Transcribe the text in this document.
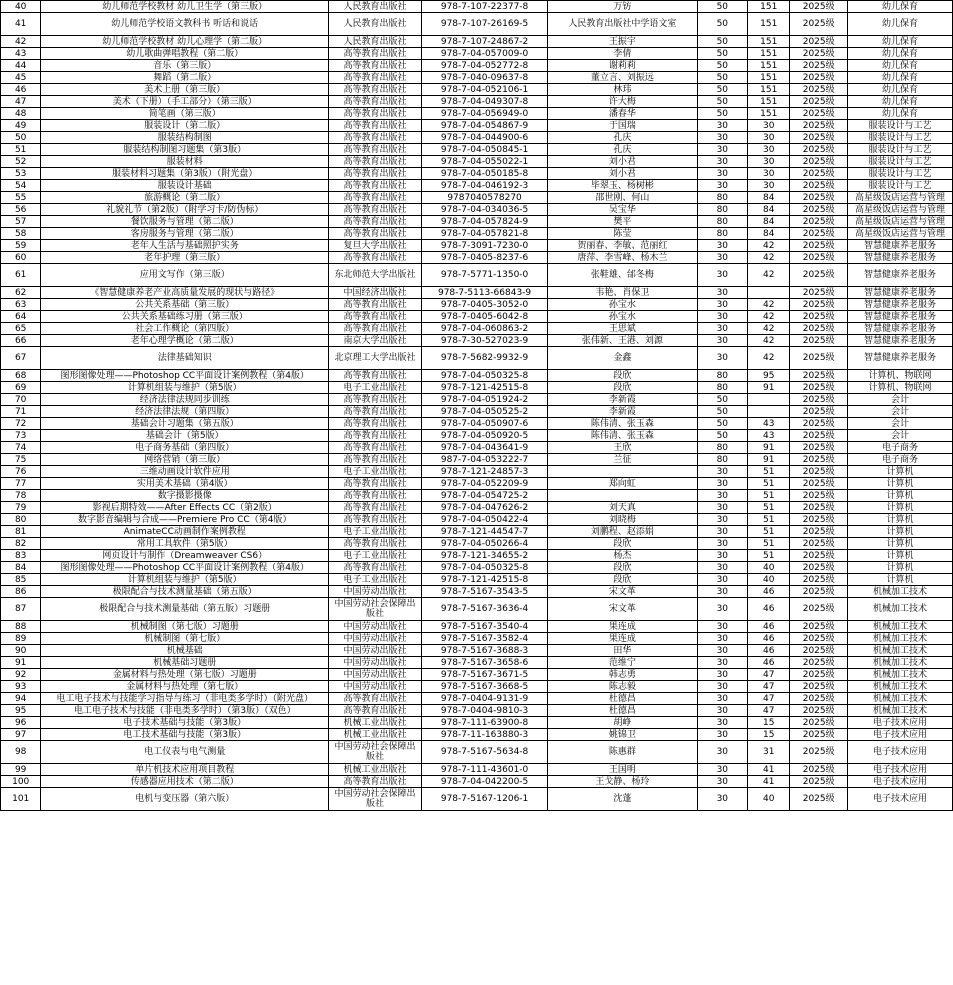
40	幼儿师范学校教材 幼儿卫生学（第三版）	人民教育出版社	978-7-107-22377-8	万钫	50	151	2025级	幼儿保育
41	幼儿师范学校语文教科书 听话和说话	人民教育出版社	978-7-107-26169-5	人民教育出版社中学语文室	50	151	2025级	幼儿保育
42	幼儿师范学校教材 幼儿心理学（第二版）	人民教育出版社	978-7-107-24867-2	王振宇	50	151	2025级	幼儿保育
43	幼儿歌曲弹唱教程（第二版）	高等教育出版社	978-7-04-057009-0	李倩	50	151	2025级	幼儿保育
44	音乐（第三版）	高等教育出版社	978-7-04-052772-8	谢莉莉	50	151	2025级	幼儿保育
45	舞蹈（第二版）	高等教育出版社	978-7-040-09637-8	董立言、刘振远	50	151	2025级	幼儿保育
46	美术上册（第三版）	高等教育出版社	978-7-04-052106-1	林玮	50	151	2025级	幼儿保育
47	美术（下册）（手工部分）（第三版）	高等教育出版社	978-7-04-049307-8	许大梅	50	151	2025级	幼儿保育
48	简笔画（第三版）	高等教育出版社	978-7-04-056949-0	潘春华	50	151	2025级	幼儿保育
49	服装设计（第二版）	高等教育出版社	978-7-04-054867-9	于国瑞	30	30	2025级	服装设计与工艺
50	服装结构制图	高等教育出版社	978-7-04-044900-6	孔庆	30	30	2025级	服装设计与工艺
51	服装结构制图习题集（第3版）	高等教育出版社	978-7-04-050845-1	孔庆	30	30	2025级	服装设计与工艺
52	服装材料	高等教育出版社	978-7-04-055022-1	刘小君	30	30	2025级	服装设计与工艺
53	服装材料习题集（第3版）（附光盘）	高等教育出版社	978-7-04-050185-8	刘小君	30	30	2025级	服装设计与工艺
54	服装设计基础	高等教育出版社	978-7-04-046192-3	毕翠玉、杨树彬	30	30	2025级	服装设计与工艺
55	旅游概论（第二版）	高等教育出版社	9787040578270	邵世刚、何山	80	84	2025级	高星级饭店运营与管理
56	礼貌礼节（第2版）（附学习卡/防伪标）	高等教育出版社	978-7-04-034036-5	吴宝华	80	84	2025级	高星级饭店运营与管理
57	餐饮服务与管理（第二版）	高等教育出版社	978-7-04-057824-9	樊平	80	84	2025级	高星级饭店运营与管理
58	客房服务与管理（第二版）	高等教育出版社	978-7-04-057821-8	陈莹	80	84	2025级	高星级饭店运营与管理
59	老年人生活与基础照护实务	复旦大学出版社	978-7-3091-7230-0	贺丽春、李敏、范丽红	30	42	2025级	智慧健康养老服务
60	老年护理（第三版）	高等教育出版社	978-7-0405-8237-6	唐萍、李雪峰、杨木兰	30	42	2025级	智慧健康养老服务
61	应用文写作（第三版）	东北师范大学出版社	978-7-5771-1350-0	张鞋雄、邰冬梅	30	42	2025级	智慧健康养老服务
62	《智慧健康养老产业高质量发展的现状与路径》	中国经济出版社	978-7-5113-66843-9	韦艳、肖保卫	30		2025级	智慧健康养老服务
63	公共关系基础（第三版）	高等教育出版社	978-7-0405-3052-0	孙宝水	30	42	2025级	智慧健康养老服务
64	公共关系基础练习册（第三版）	高等教育出版社	978-7-0405-6042-8	孙宝水	30	42	2025级	智慧健康养老服务
65	社会工作概论（第四版）	高等教育出版社	978-7-04-060863-2	王思斌	30	42	2025级	智慧健康养老服务
66	老年心理学概论（第二版）	南京大学出版社	978-7-30-527023-9	张伟新、王港、刘源	30	42	2025级	智慧健康养老服务
67	法律基础知识	北京理工大学出版社	978-7-5682-9932-9	金鑫	30	42	2025级	智慧健康养老服务
68	图形图像处理——Photoshop CC平面设计案例教程（第4版）	高等教育出版社	978-7-04-050325-8	段欣	80	95	2025级	计算机、物联网
69	计算机组装与维护（第5版）	电子工业出版社	978-7-121-42515-8	段欣	80	91	2025级	计算机、物联网
70	经济法律法规同步训练	高等教育出版社	978-7-04-051924-2	李新霞	50		2025级	会计
71	经济法律法规（第四版）	高等教育出版社	978-7-04-050525-2	李新霞	50		2025级	会计
72	基础会计习题集（第五版）	高等教育出版社	978-7-04-050907-6	陈伟清、张玉森	50	43	2025级	会计
73	基础会计（第5版）	高等教育出版社	978-7-04-050920-5	陈伟清、张玉森	50	43	2025级	会计
74	电子商务基础（第四版）	高等教育出版社	978-7-04-043641-9	王欣	80	91	2025级	电子商务
75	网络营销（第三版）	高等教育出版社	987-7-04-053222-7	兰征	80	91	2025级	电子商务
76	三维动画设计软件应用	电子工业出版社	978-7-121-24857-3		30	51	2025级	计算机
77	实用美术基础（第4版）	高等教育出版社	978-7-04-052209-9	郑向虹	30	51	2025级	计算机
78	数字摄影摄像	高等教育出版社	978-7-04-054725-2		30	51	2025级	计算机
79	影视后期特效——After Effects CC（第2版）	高等教育出版社	978-7-04-047626-2	刘天真	30	51	2025级	计算机
80	数字影音编辑与合成——Premiere Pro CC（第4版）	高等教育出版社	978-7-04-050422-4	刘晓梅	30	51	2025级	计算机
81	AnimateCC动画制作案例教程	电子工业出版社	978-7-121-44547-7	刘鹏程、赵添娟	30	51	2025级	计算机
82	常用工具软件（第5版）	高等教育出版社	978-7-04-050266-4	段欣	30	51	2025级	计算机
83	网页设计与制作（Dreamweaver CS6）	电子工业出版社	978-7-121-34655-2	杨杰	30	51	2025级	计算机
84	图形图像处理——Photoshop CC平面设计案例教程（第4版）	高等教育出版社	978-7-04-050325-8	段欣	30	40	2025级	计算机
85	计算机组装与维护（第5版）	电子工业出版社	978-7-121-42515-8	段欣	30	40	2025级	计算机
86	极限配合与技术测量基础（第五版）	中国劳动出版社	978-7-5167-3543-5	宋文革	30	46	2025级	机械加工技术
87	极限配合与技术测量基础（第五版）习题册	中国劳动社会保障出版社	978-7-5167-3636-4	宋文革	30	46	2025级	机械加工技术
88	机械制图（第七版）习题册	中国劳动出版社	978-7-5167-3540-4	果连成	30	46	2025级	机械加工技术
89	机械制图（第七版）	中国劳动出版社	978-7-5167-3582-4	果连成	30	46	2025级	机械加工技术
90	机械基础	中国劳动出版社	978-7-5167-3688-3	田华	30	46	2025级	机械加工技术
91	机械基础习题册	中国劳动出版社	978-7-5167-3658-6	范维宁	30	46	2025级	机械加工技术
92	金属材料与热处理（第七版）习题册	中国劳动出版社	978-7-5167-3671-5	韩志勇	30	47	2025级	机械加工技术
93	金属材料与热处理（第七版）	中国劳动出版社	978-7-5167-3668-5	陈志毅	30	47	2025级	机械加工技术
94	电工电子技术与技能学习指导与练习（非电类多学时）（附光盘）	高等教育出版社	978-7-0404-9131-9	杜德昌	30	47	2025级	机械加工技术
95	电工电子技术与技能（非电类多学时）（第3版）（双色）	高等教育出版社	978-7-0404-9810-3	杜德昌	30	47	2025级	机械加工技术
96	电子技术基础与技能（第3版）	机械工业出版社	978-7-111-63900-8	胡峥	30	15	2025级	电子技术应用
97	电工技术基础与技能（第3版）	机械工业出版社	978-7-11-163880-3	姚锦卫	30	15	2025级	电子技术应用
98	电工仪表与电气测量	中国劳动社会保障出版社	978-7-5167-5634-8	陈惠群	30	31	2025级	电子技术应用
99	单片机技术应用项目教程	机械工业出版社	978-7-111-43601-0	王国明	30	41	2025级	电子技术应用
100	传感器应用技术（第二版）	高等教育出版社	978-7-04-042200-5	王戈静、杨玲	30	41	2025级	电子技术应用
101	电机与变压器（第六版）	中国劳动社会保障出版社	978-7-5167-1206-1	沈蓬	30	40	2025级	电子技术应用
